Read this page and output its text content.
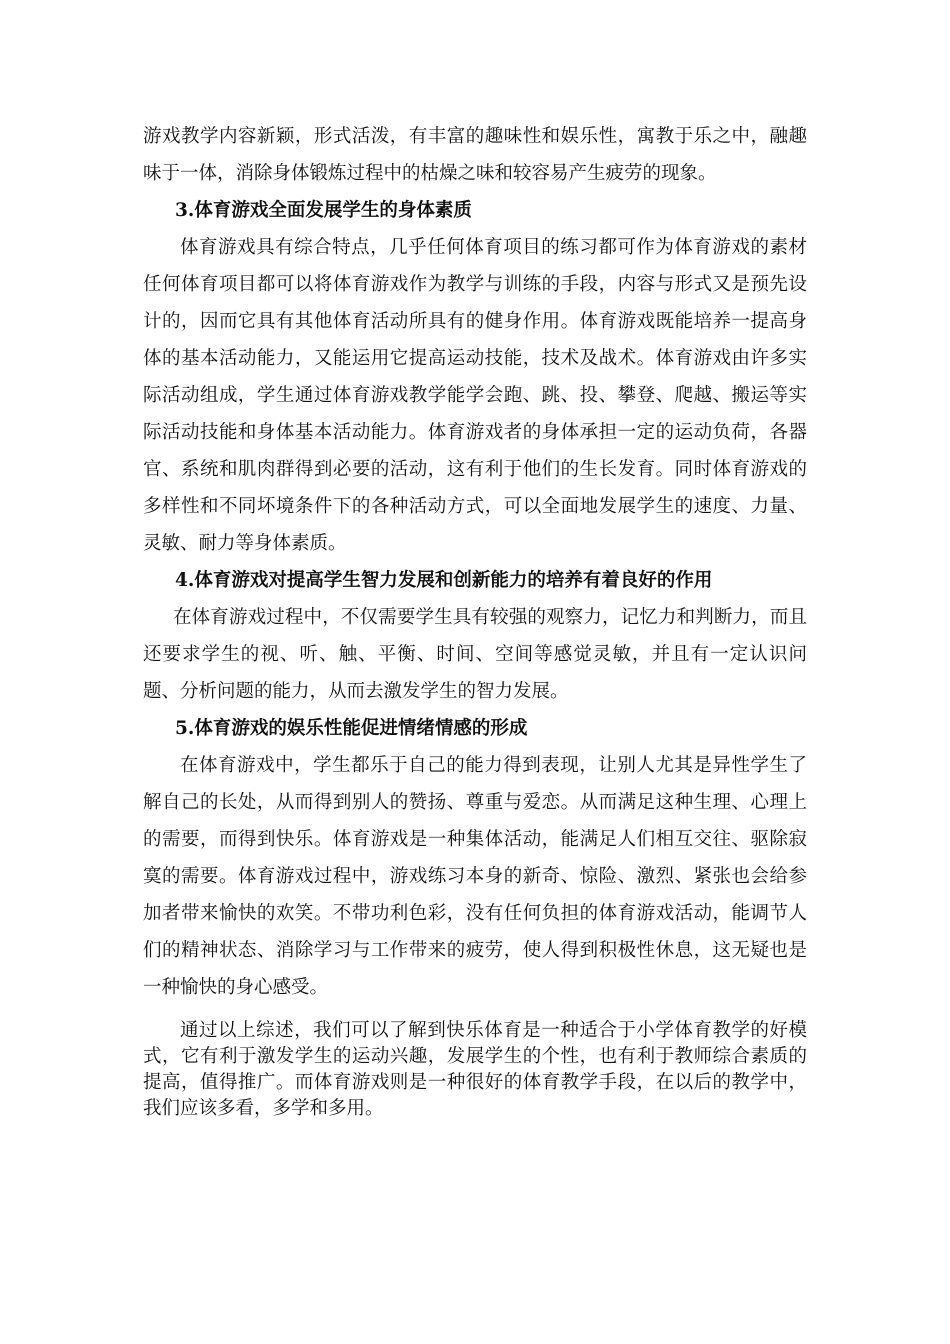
游戏教学内容新颖，形式活泼，有丰富的趣味性和娱乐性，寓教于乐之中，融趣味于一体，消除身体锻炼过程中的枯燥之味和较容易产生疲劳的现象。

3.体育游戏全面发展学生的身体素质

体育游戏具有综合特点，几乎任何体育项目的练习都可作为体育游戏的素材任何体育项目都可以将体育游戏作为教学与训练的手段，内容与形式又是预先设计的，因而它具有其他体育活动所具有的健身作用。体育游戏既能培养一提高身体的基本活动能力，又能运用它提高运动技能，技术及战术。体育游戏由许多实际活动组成，学生通过体育游戏教学能学会跑、跳、投、攀登、爬越、搬运等实际活动技能和身体基本活动能力。体育游戏者的身体承担一定的运动负荷，各器官、系统和肌肉群得到必要的活动，这有利于他们的生长发育。同时体育游戏的多样性和不同坏境条件下的各种活动方式，可以全面地发展学生的速度、力量、灵敏、耐力等身体素质。

4.体育游戏对提高学生智力发展和创新能力的培养有着良好的作用

在体育游戏过程中，不仅需要学生具有较强的观察力，记忆力和判断力，而且还要求学生的视、听、触、平衡、时间、空间等感觉灵敏，并且有一定认识问题、分析问题的能力，从而去激发学生的智力发展。

5.体育游戏的娱乐性能促进情绪情感的形成

在体育游戏中，学生都乐于自己的能力得到表现，让别人尤其是异性学生了解自己的长处，从而得到别人的赞扬、尊重与爱恋。从而满足这种生理、心理上的需要，而得到快乐。体育游戏是一种集体活动，能满足人们相互交往、驱除寂寞的需要。体育游戏过程中，游戏练习本身的新奇、惊险、激烈、紧张也会给参加者带来愉快的欢笑。不带功利色彩，没有任何负担的体育游戏活动，能调节人们的精神状态、消除学习与工作带来的疲劳，使人得到积极性休息，这无疑也是一种愉快的身心感受。

通过以上综述，我们可以了解到快乐体育是一种适合于小学体育教学的好模式，它有利于激发学生的运动兴趣，发展学生的个性，也有利于教师综合素质的提高，值得推广。而体育游戏则是一种很好的体育教学手段，在以后的教学中，我们应该多看，多学和多用。
